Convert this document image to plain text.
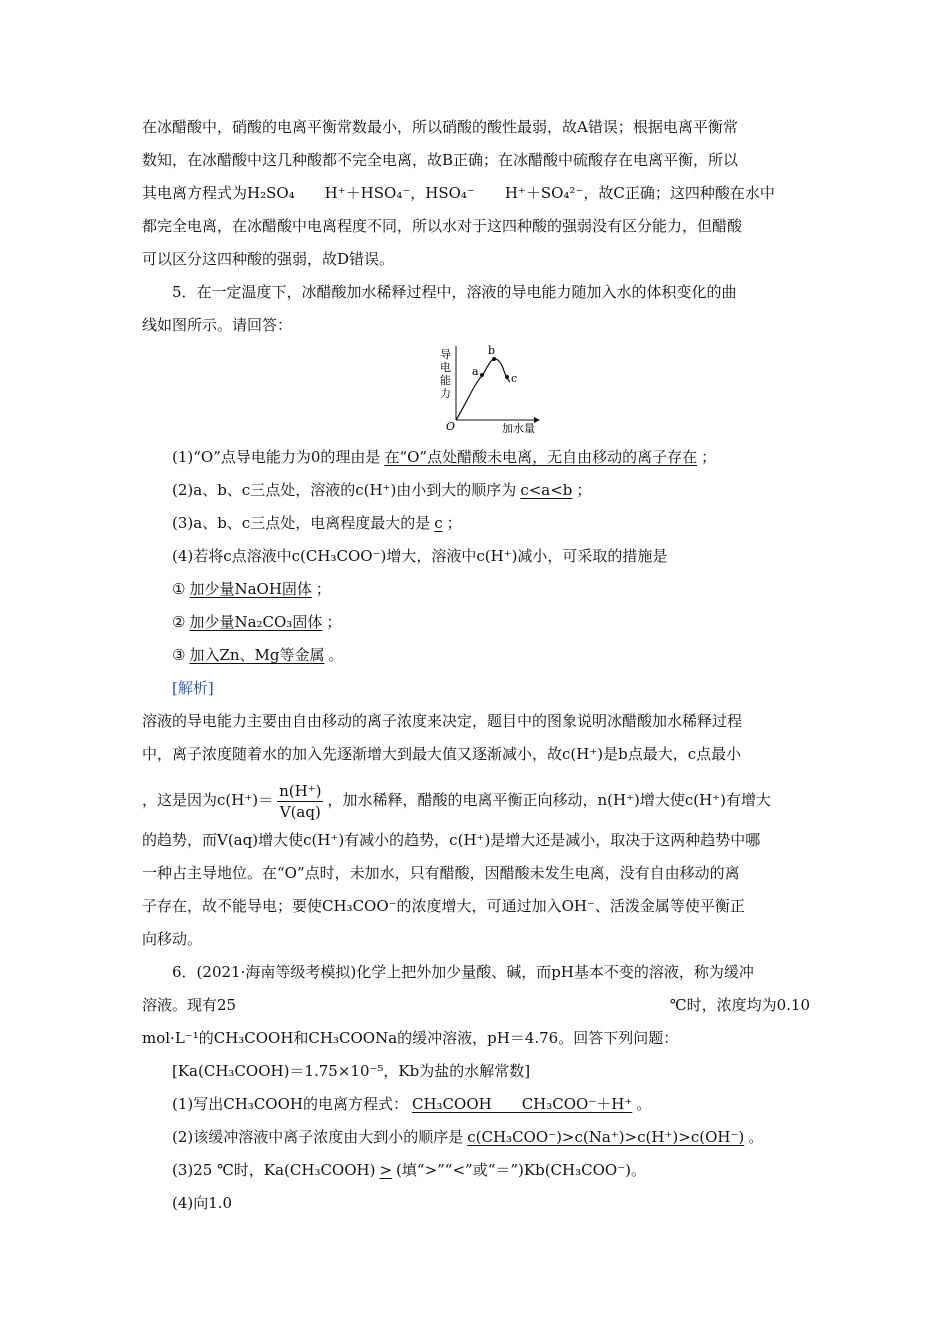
在冰醋酸中，硝酸的电离平衡常数最小，所以硝酸的酸性最弱，故A错误；根据电离平衡常
数知，在冰醋酸中这几种酸都不完全电离，故B正确；在冰醋酸中硫酸存在电离平衡，所以
其电离方程式为H₂SO₄　　H⁺＋HSO₄⁻，HSO₄⁻　　H⁺＋SO₄²⁻，故C正确；这四种酸在水中
都完全电离，在冰醋酸中电离程度不同，所以水对于这四种酸的强弱没有区分能力，但醋酸
可以区分这四种酸的强弱，故D错误。
5．在一定温度下，冰醋酸加水稀释过程中，溶液的导电能力随加入水的体积变化的曲
线如图所示。请回答：
导
电
能
力
a
b
c
O	加水量
(1)“O”点导电能力为0的理由是 在“O”点处醋酸未电离，无自由移动的离子存在 ；
(2)a、b、c三点处，溶液的c(H⁺)由小到大的顺序为 c<a<b ；
(3)a、b、c三点处，电离程度最大的是 c ；
(4)若将c点溶液中c(CH₃COO⁻)增大，溶液中c(H⁺)减小，可采取的措施是
① 加少量NaOH固体 ；
② 加少量Na₂CO₃固体 ；
③ 加入Zn、Mg等金属 。
[解析]
溶液的导电能力主要由自由移动的离子浓度来决定，题目中的图象说明冰醋酸加水稀释过程
中，离子浓度随着水的加入先逐渐增大到最大值又逐渐减小，故c(H⁺)是b点最大，c点最小
，这是因为$c(H^+)= \frac{n(H^+)}{V(aq)}$ ，加水稀释，醋酸的电离平衡正向移动，n(H⁺)增大使c(H⁺)有增大
的趋势，而V(aq)增大使c(H⁺)有减小的趋势，c(H⁺)是增大还是减小，取决于这两种趋势中哪
一种占主导地位。在“O”点时，未加水，只有醋酸，因醋酸未发生电离，没有自由移动的离
子存在，故不能导电；要使CH₃COO⁻的浓度增大，可通过加入OH⁻、活泼金属等使平衡正
向移动。
6．(2021·海南等级考模拟)化学上把外加少量酸、碱，而pH基本不变的溶液，称为缓冲
溶液。现有25	℃时，浓度均为0.10
mol·L⁻¹的CH₃COOH和CH₃COONa的缓冲溶液，pH＝4.76。回答下列问题：
[Ka(CH₃COOH)＝1.75×10⁻⁵，Kb为盐的水解常数]
(1)写出CH₃COOH的电离方程式： CH₃COOH　　CH₃COO⁻＋H⁺ 。
(2)该缓冲溶液中离子浓度由大到小的顺序是 c(CH₃COO⁻)>c(Na⁺)>c(H⁺)>c(OH⁻) 。
(3)25 ℃时，Ka(CH₃COOH) > (填“>”“<”或“＝”)Kb(CH₃COO⁻)。
(4)向1.0
